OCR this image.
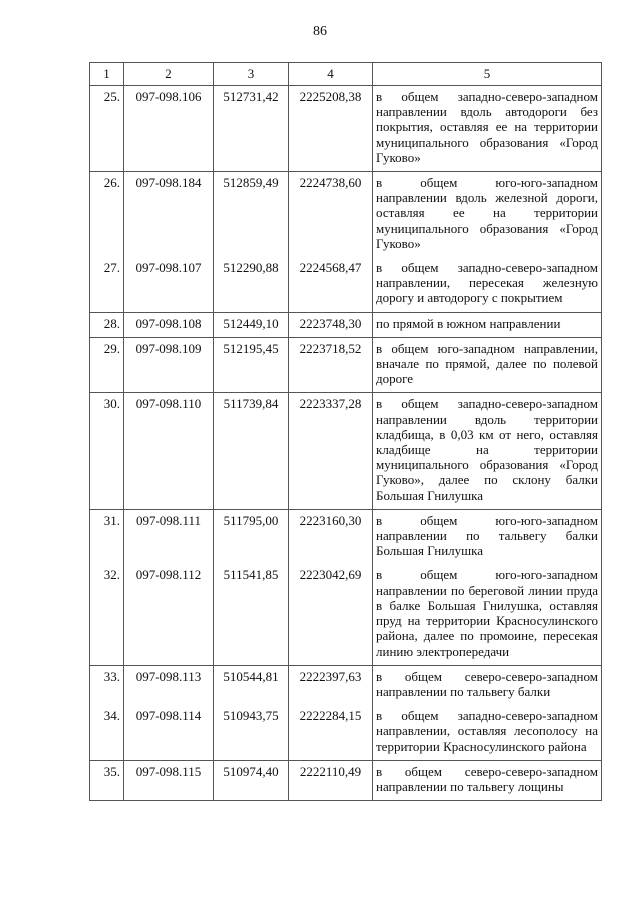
86
1	2	3	4	5
25.	097-098.106	512731,42	2225208,38	в общем западно-северо-западном направлении вдоль автодороги без покрытия, оставляя ее на территории муниципального образования «Город Гуково»
26.	097-098.184	512859,49	2224738,60	в общем юго-юго-западном направлении вдоль железной дороги, оставляя ее на территории муниципального образования «Город Гуково»
27.	097-098.107	512290,88	2224568,47	в общем западно-северо-западном направлении, пересекая железную дорогу и автодорогу с покрытием
28.	097-098.108	512449,10	2223748,30	по прямой в южном направлении
29.	097-098.109	512195,45	2223718,52	в общем юго-западном направлении, вначале по прямой, далее по полевой дороге
30.	097-098.110	511739,84	2223337,28	в общем западно-северо-западном направлении вдоль территории кладбища, в 0,03 км от него, оставляя кладбище на территории муниципального образования «Город Гуково», далее по склону балки Большая Гнилушка
31.	097-098.111	511795,00	2223160,30	в общем юго-юго-западном направлении по тальвегу балки Большая Гнилушка
32.	097-098.112	511541,85	2223042,69	в общем юго-юго-западном направлении по береговой линии пруда в балке Большая Гнилушка, оставляя пруд на территории Красносулинского района, далее по промоине, пересекая линию электропередачи
33.	097-098.113	510544,81	2222397,63	в общем северо-северо-западном направлении по тальвегу балки
34.	097-098.114	510943,75	2222284,15	в общем западно-северо-западном направлении, оставляя лесополосу на территории Красносулинского района
35.	097-098.115	510974,40	2222110,49	в общем северо-северо-западном направлении по тальвегу лощины
